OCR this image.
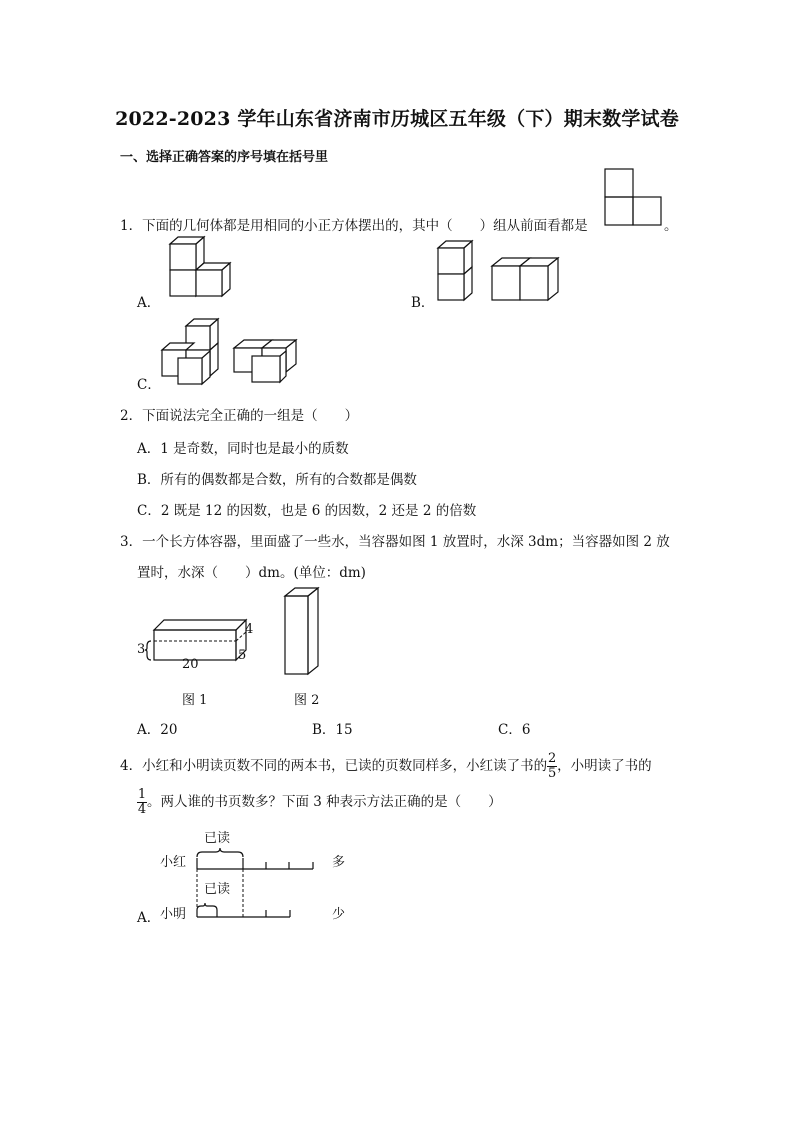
2022-2023 学年山东省济南市历城区五年级（下）期末数学试卷
一、选择正确答案的序号填在括号里
1．下面的几何体都是用相同的小正方体摆出的，其中（　　）组从前面看都是	。
A．	B．
C．
2．下面说法完全正确的一组是（　　）
A．1 是奇数，同时也是最小的质数
B．所有的偶数都是合数，所有的合数都是偶数
C．2 既是 12 的因数，也是 6 的因数，2 还是 2 的倍数
3．一个长方体容器，里面盛了一些水，当容器如图 1 放置时，水深 3dm；当容器如图 2 放
置时，水深（　　）dm。(单位：dm)
3
4
5
20
图 1	图 2
A．20	B．15	C．6
4．小红和小明读页数不同的两本书，已读的页数同样多，小红读了书的 $\frac{2}{5}$ ，小明读了书的
$\frac{1}{4}$ 。两人谁的书页数多？下面 3 种表示方法正确的是（　　）
已读
已读
小红
小明
多
少
A．
